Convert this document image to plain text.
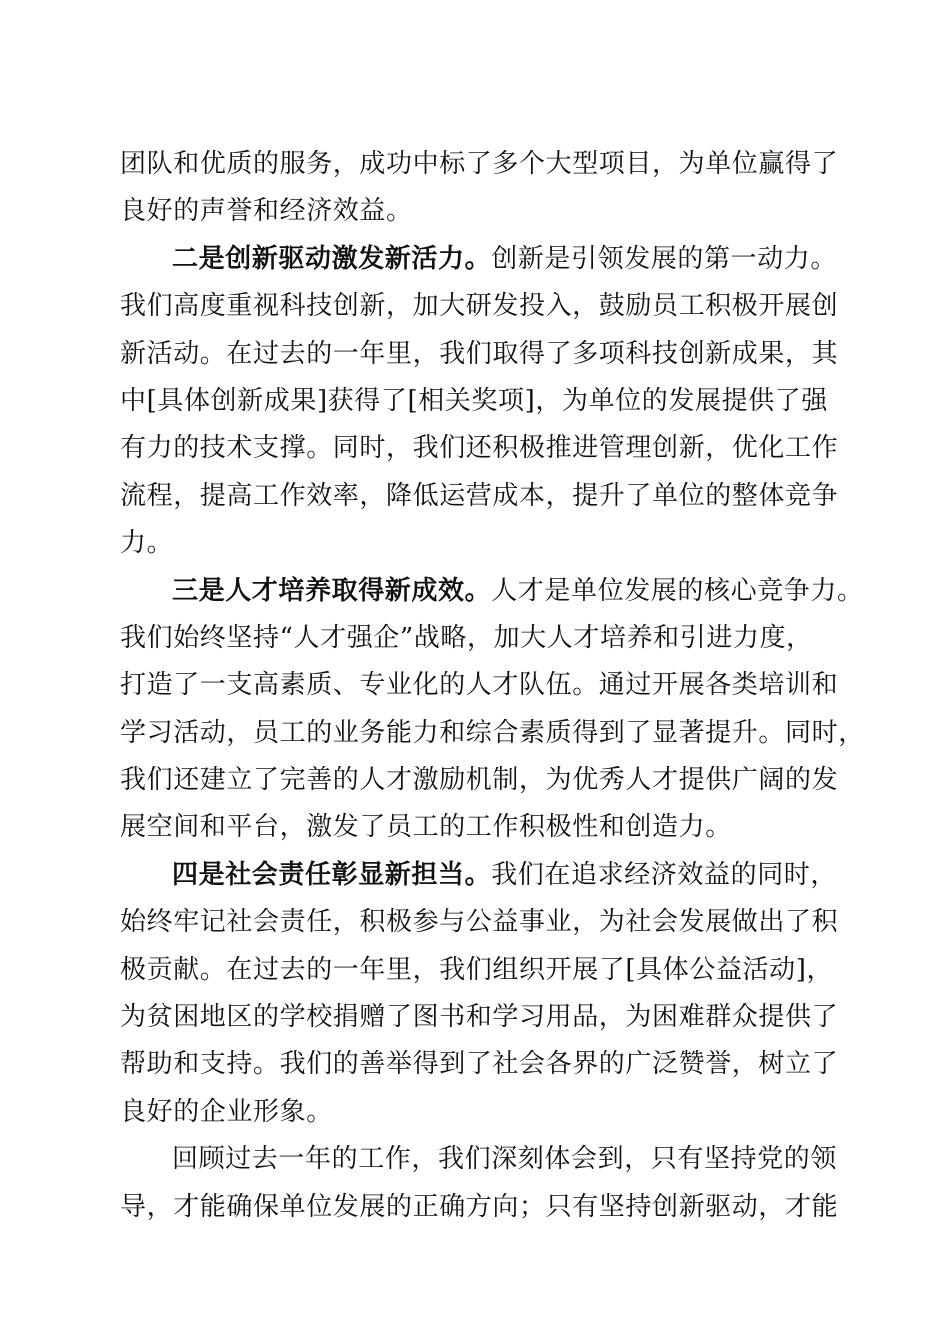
团队和优质的服务，成功中标了多个大型项目，为单位赢得了
良好的声誉和经济效益。
二是创新驱动激发新活力。创新是引领发展的第一动力。
我们高度重视科技创新，加大研发投入，鼓励员工积极开展创
新活动。在过去的一年里，我们取得了多项科技创新成果，其
中[具体创新成果]获得了[相关奖项]，为单位的发展提供了强
有力的技术支撑。同时，我们还积极推进管理创新，优化工作
流程，提高工作效率，降低运营成本，提升了单位的整体竞争
力。
三是人才培养取得新成效。人才是单位发展的核心竞争力。
我们始终坚持“人才强企”战略，加大人才培养和引进力度，
打造了一支高素质、专业化的人才队伍。通过开展各类培训和
学习活动，员工的业务能力和综合素质得到了显著提升。同时，
我们还建立了完善的人才激励机制，为优秀人才提供广阔的发
展空间和平台，激发了员工的工作积极性和创造力。
四是社会责任彰显新担当。我们在追求经济效益的同时，
始终牢记社会责任，积极参与公益事业，为社会发展做出了积
极贡献。在过去的一年里，我们组织开展了[具体公益活动]，
为贫困地区的学校捐赠了图书和学习用品，为困难群众提供了
帮助和支持。我们的善举得到了社会各界的广泛赞誉，树立了
良好的企业形象。
回顾过去一年的工作，我们深刻体会到，只有坚持党的领
导，才能确保单位发展的正确方向；只有坚持创新驱动，才能
